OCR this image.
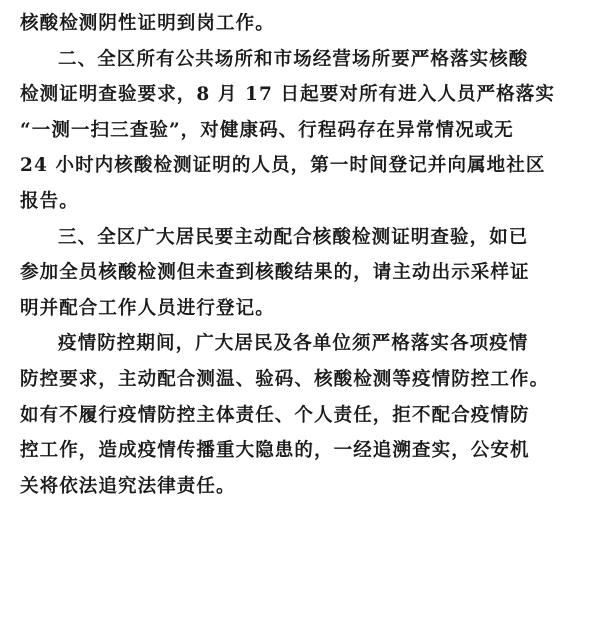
核酸检测阴性证明到岗工作。
二、全区所有公共场所和市场经营场所要严格落实核酸
检测证明查验要求，8 月 17 日起要对所有进入人员严格落实
“一测一扫三查验”，对健康码、行程码存在异常情况或无
24 小时内核酸检测证明的人员，第一时间登记并向属地社区
报告。
三、全区广大居民要主动配合核酸检测证明查验，如已
参加全员核酸检测但未查到核酸结果的，请主动出示采样证
明并配合工作人员进行登记。
疫情防控期间，广大居民及各单位须严格落实各项疫情
防控要求，主动配合测温、验码、核酸检测等疫情防控工作。
如有不履行疫情防控主体责任、个人责任，拒不配合疫情防
控工作，造成疫情传播重大隐患的，一经追溯查实，公安机
关将依法追究法律责任。
